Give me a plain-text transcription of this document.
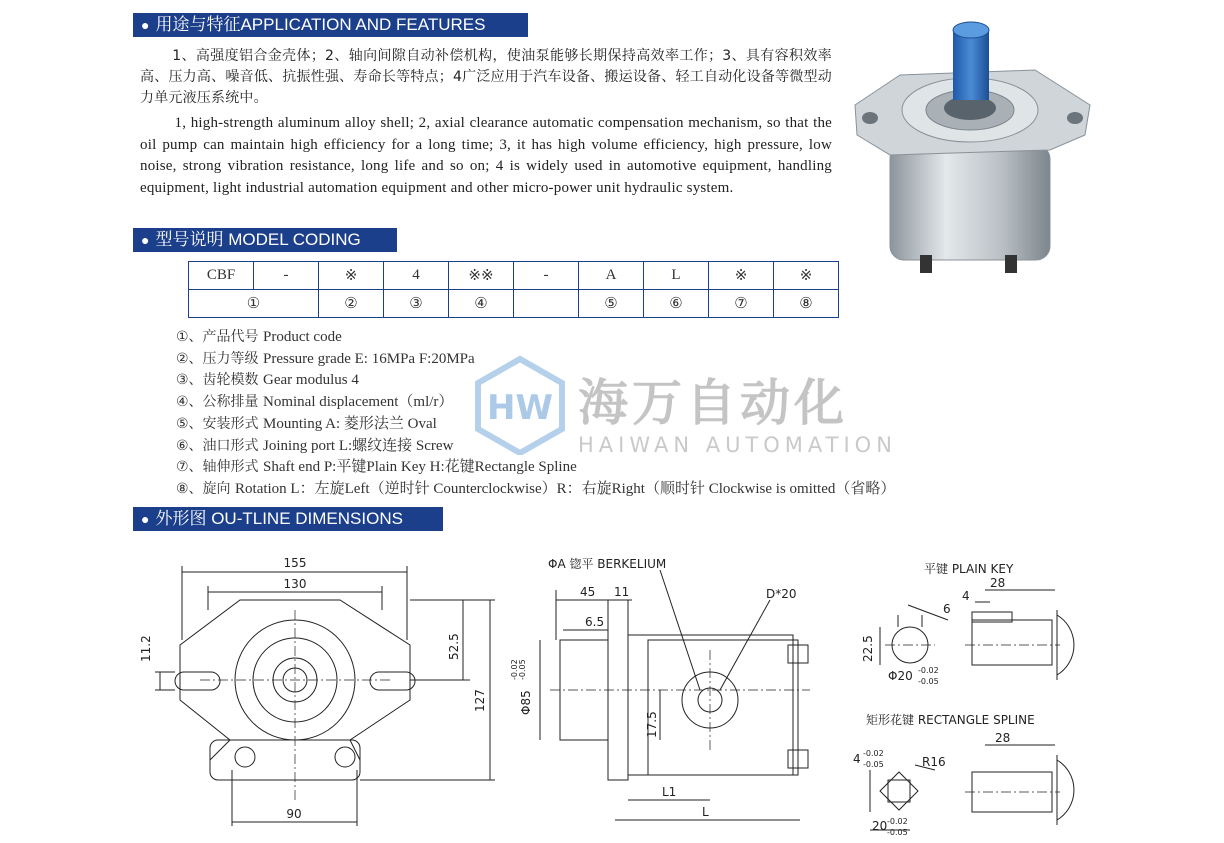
● 用途与特征APPLICATION AND FEATURES
● 型号说明 MODEL CODING
● 外形图 OU-TLINE DIMENSIONS

1、高强度铝合金壳体；2、轴向间隙自动补偿机构，使油泵能够长期保持高效率工作；3、具有容积效率高、压力高、噪音低、抗振性强、寿命长等特点；4广泛应用于汽车设备、搬运设备、轻工自动化设备等微型动力单元液压系统中。

1, high-strength aluminum alloy shell; 2, axial clearance automatic compensation mechanism, so that the oil pump can maintain high efficiency for a long time; 3, it has high volume efficiency, high pressure, low noise, strong vibration resistance, long life and so on; 4 is widely used in automotive equipment, handling equipment, light industrial automation equipment and other micro-power unit hydraulic system.

CBF	-	※	4	※※	-	A	L	※	※
①		②	③	④		⑤	⑥	⑦	⑧
①、产品代号 Product code
②、压力等级 Pressure grade E: 16MPa F:20MPa
③、齿轮模数 Gear modulus 4
④、公称排量 Nominal displacement（ml/r）
⑤、安装形式 Mounting A: 菱形法兰 Oval
⑥、油口形式 Joining port L:螺纹连接 Screw
⑦、轴伸形式 Shaft end P:平键Plain Key H:花键Rectangle Spline
⑧、旋向 Rotation L：左旋Left（逆时针 Counterclockwise）R：右旋Right（顺时针 Clockwise is omitted（省略）
HW 海万自动化
HAIWAN AUTOMATION
155
130
11.2	52.5
127
90
ΦA 锪平 BERKELIUM
45 11
6.5
D*20
Φ85
-0.02 -0.05
17.5
L1
L
平键 PLAIN KEY
28
4
6
22.5
Φ20 -0.02
-0.05
矩形花键 RECTANGLE SPLINE
28
4 -0.02
-0.05	R16
20 -0.02
-0.05
